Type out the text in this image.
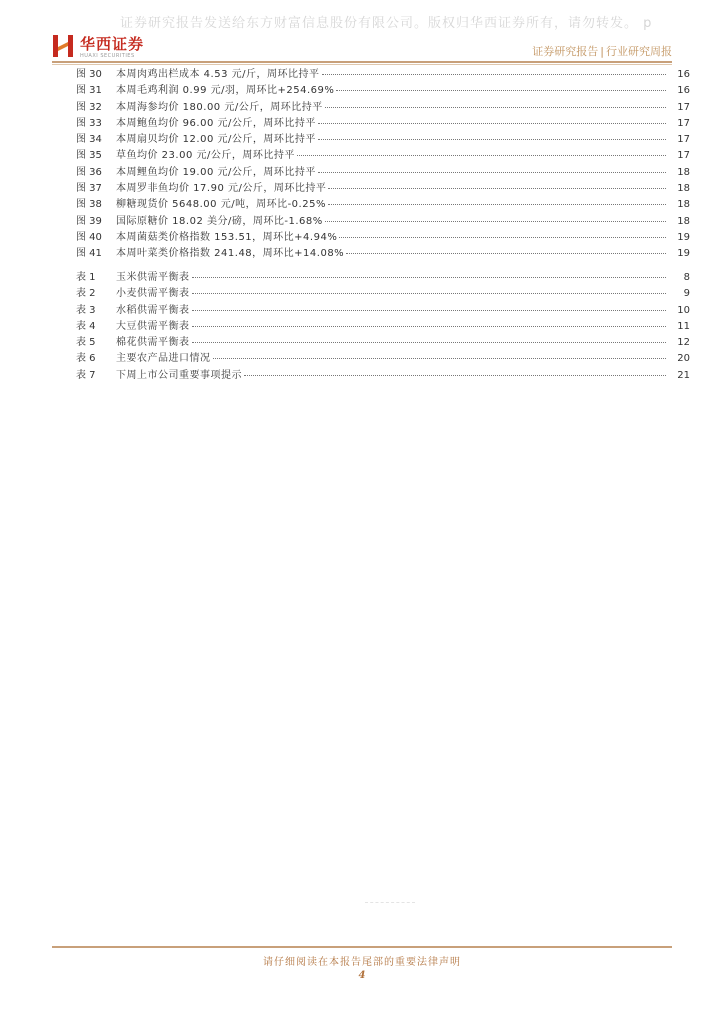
证券研究报告发送给东方财富信息股份有限公司。版权归华西证券所有，请勿转发。 p
华西证券
HUAXI SECURITIES	证券研究报告 | 行业研究周报
图 30	本周肉鸡出栏成本 4.53 元/斤，周环比持平	16
图 31	本周毛鸡利润 0.99 元/羽，周环比+254.69%	16
图 32	本周海参均价 180.00 元/公斤，周环比持平	17
图 33	本周鲍鱼均价 96.00 元/公斤，周环比持平	17
图 34	本周扇贝均价 12.00 元/公斤，周环比持平	17
图 35	草鱼均价 23.00 元/公斤，周环比持平	17
图 36	本周鲤鱼均价 19.00 元/公斤，周环比持平	18
图 37	本周罗非鱼均价 17.90 元/公斤，周环比持平	18
图 38	柳糖现货价 5648.00 元/吨，周环比-0.25%	18
图 39	国际原糖价 18.02 美分/磅，周环比-1.68%	18
图 40	本周菌菇类价格指数 153.51，周环比+4.94%	19
图 41	本周叶菜类价格指数 241.48，周环比+14.08%	19
表 1	玉米供需平衡表	8
表 2	小麦供需平衡表	9
表 3	水稻供需平衡表	10
表 4	大豆供需平衡表	11
表 5	棉花供需平衡表	12
表 6	主要农产品进口情况	20
表 7	下周上市公司重要事项提示	21
请仔细阅读在本报告尾部的重要法律声明
4
